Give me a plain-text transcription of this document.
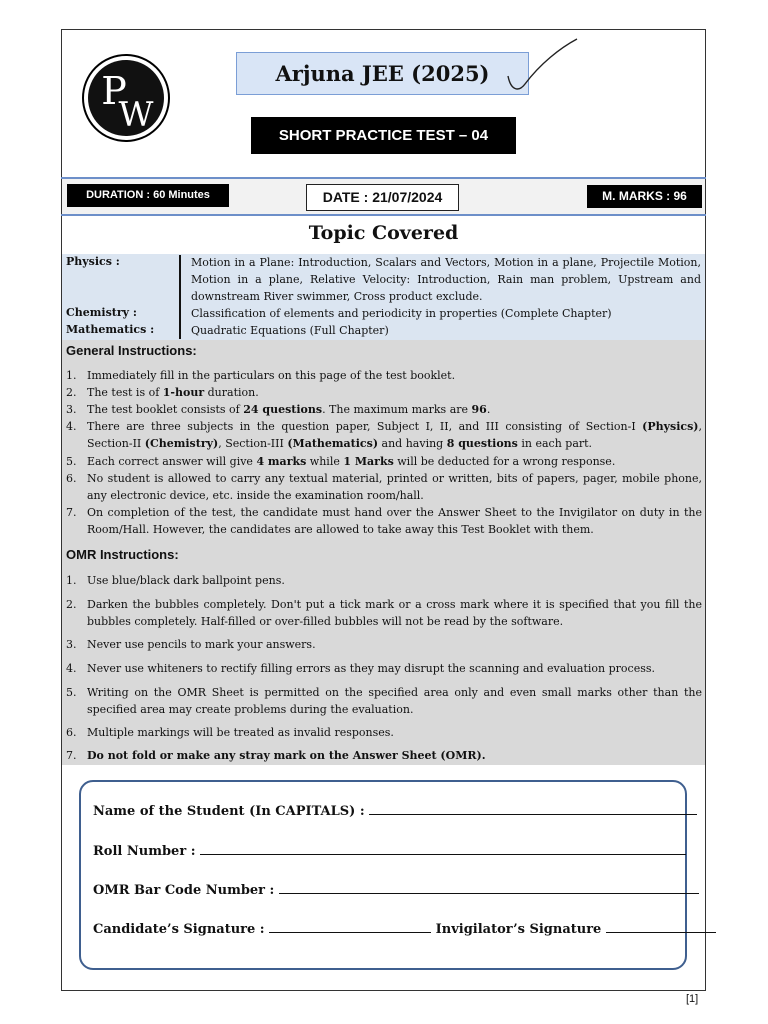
P
W
Arjuna JEE (2025)
SHORT PRACTICE TEST – 04
DURATION : 60 Minutes	DATE : 21/07/2024	M. MARKS : 96
Topic Covered
Physics :	Motion in a Plane: Introduction, Scalars and Vectors, Motion in a plane, Projectile Motion, Motion in a plane, Relative Velocity: Introduction, Rain man problem, Upstream and downstream River swimmer, Cross product exclude.
Chemistry :	Classification of elements and periodicity in properties (Complete Chapter)
Mathematics :	Quadratic Equations (Full Chapter)
General Instructions:
1. Immediately fill in the particulars on this page of the test booklet.
2. The test is of 1-hour duration.
3. The test booklet consists of 24 questions. The maximum marks are 96.
4. There are three subjects in the question paper, Subject I, II, and III consisting of Section-I (Physics), Section-II (Chemistry), Section-III (Mathematics) and having 8 questions in each part.
5. Each correct answer will give 4 marks while 1 Marks will be deducted for a wrong response.
6. No student is allowed to carry any textual material, printed or written, bits of papers, pager, mobile phone, any electronic device, etc. inside the examination room/hall.
7. On completion of the test, the candidate must hand over the Answer Sheet to the Invigilator on duty in the Room/Hall. However, the candidates are allowed to take away this Test Booklet with them.
OMR Instructions:
1. Use blue/black dark ballpoint pens.
2. Darken the bubbles completely. Don't put a tick mark or a cross mark where it is specified that you fill the bubbles completely. Half-filled or over-filled bubbles will not be read by the software.
3. Never use pencils to mark your answers.
4. Never use whiteners to rectify filling errors as they may disrupt the scanning and evaluation process.
5. Writing on the OMR Sheet is permitted on the specified area only and even small marks other than the specified area may create problems during the evaluation.
6. Multiple markings will be treated as invalid responses.
7. Do not fold or make any stray mark on the Answer Sheet (OMR).
Name of the Student (In CAPITALS) :
Roll Number :
OMR Bar Code Number :
Candidate’s Signature :	Invigilator’s Signature
[1]
